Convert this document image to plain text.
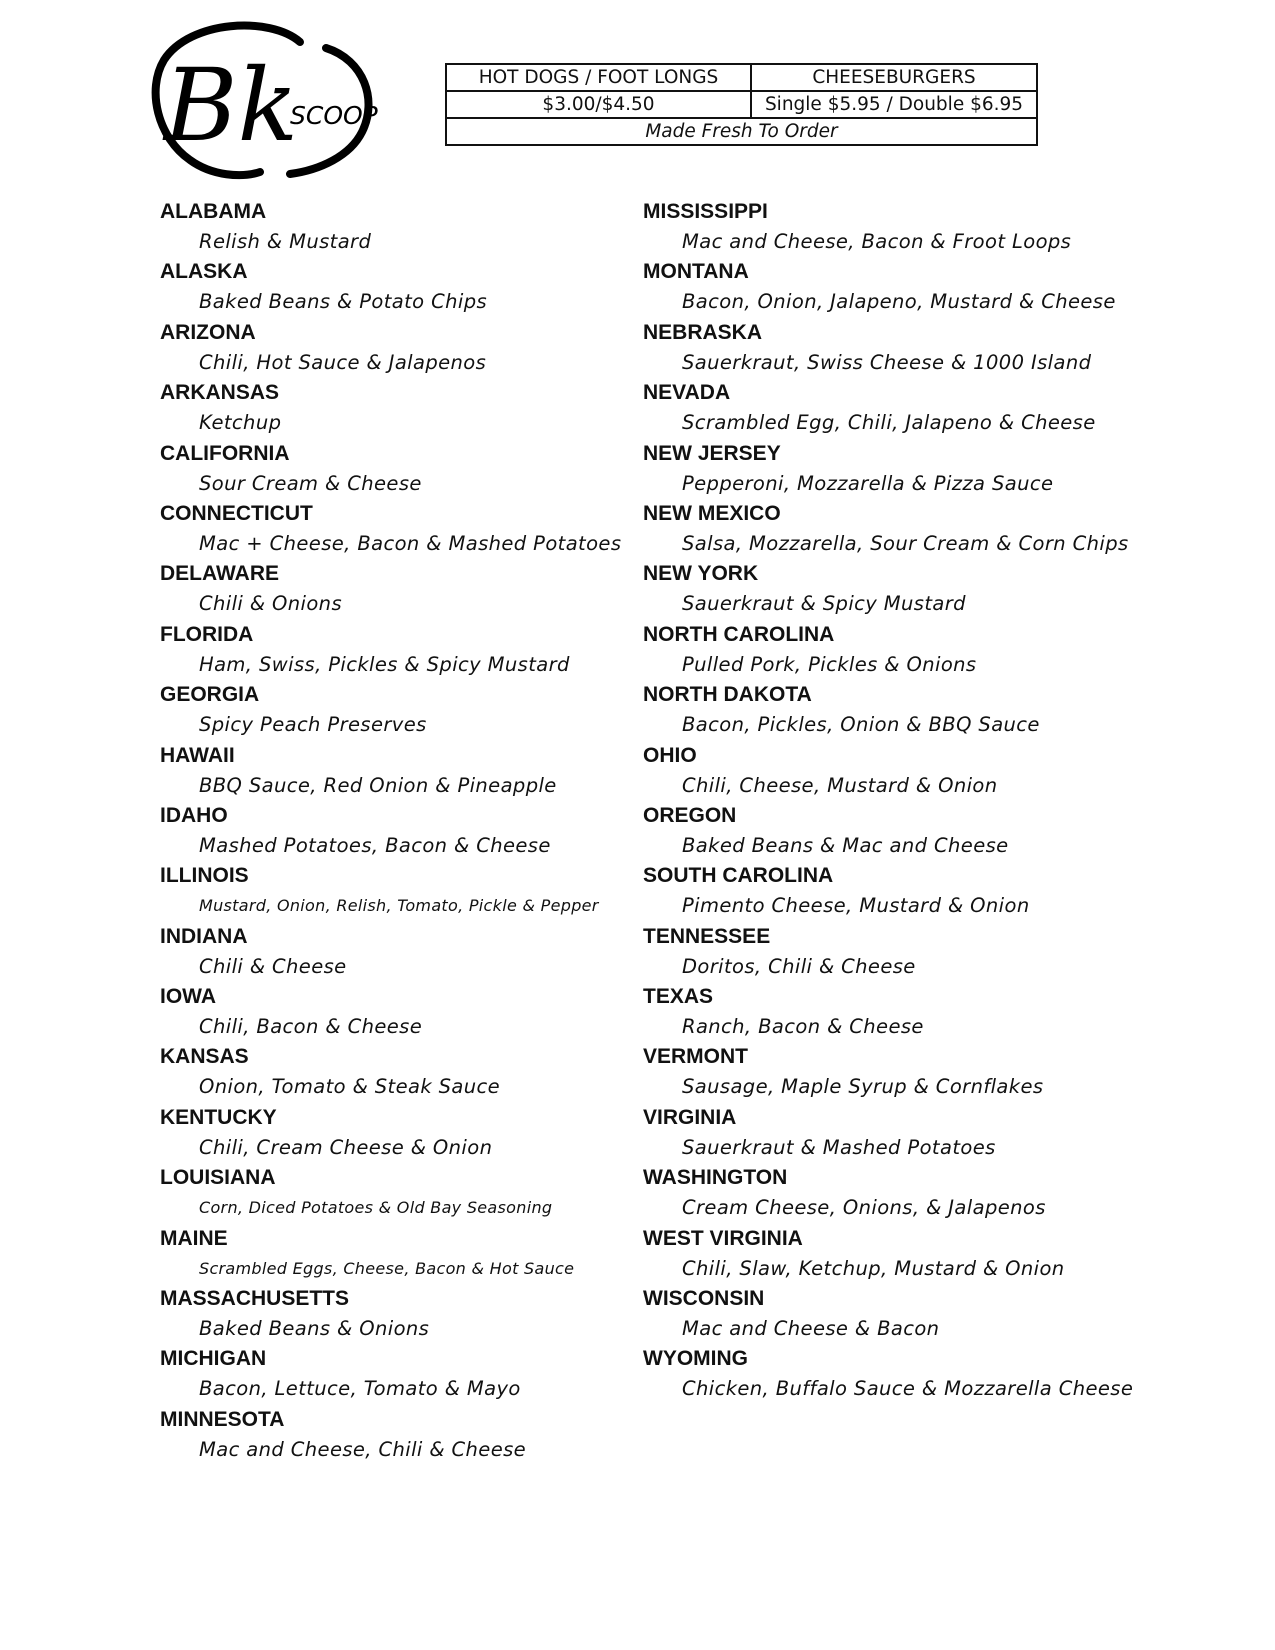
Bk
SCOOP
HOT DOGS / FOOT LONGS	CHEESEBURGERS
$3.00/$4.50	Single $5.95 / Double $6.95
Made Fresh To Order	
ALABAMA
Relish & Mustard
ALASKA
Baked Beans & Potato Chips
ARIZONA
Chili, Hot Sauce & Jalapenos
ARKANSAS
Ketchup
CALIFORNIA
Sour Cream & Cheese
CONNECTICUT
Mac + Cheese, Bacon & Mashed Potatoes
DELAWARE
Chili & Onions
FLORIDA
Ham, Swiss, Pickles & Spicy Mustard
GEORGIA
Spicy Peach Preserves
HAWAII
BBQ Sauce, Red Onion & Pineapple
IDAHO
Mashed Potatoes, Bacon & Cheese
ILLINOIS
Mustard, Onion, Relish, Tomato, Pickle & Pepper
INDIANA
Chili & Cheese
IOWA
Chili, Bacon & Cheese
KANSAS
Onion, Tomato & Steak Sauce
KENTUCKY
Chili, Cream Cheese & Onion
LOUISIANA
Corn, Diced Potatoes & Old Bay Seasoning
MAINE
Scrambled Eggs, Cheese, Bacon & Hot Sauce
MASSACHUSETTS
Baked Beans & Onions
MICHIGAN
Bacon, Lettuce, Tomato & Mayo
MINNESOTA
Mac and Cheese, Chili & Cheese
MISSISSIPPI
Mac and Cheese, Bacon & Froot Loops
MONTANA
Bacon, Onion, Jalapeno, Mustard & Cheese
NEBRASKA
Sauerkraut, Swiss Cheese & 1000 Island
NEVADA
Scrambled Egg, Chili, Jalapeno & Cheese
NEW JERSEY
Pepperoni, Mozzarella & Pizza Sauce
NEW MEXICO
Salsa, Mozzarella, Sour Cream & Corn Chips
NEW YORK
Sauerkraut & Spicy Mustard
NORTH CAROLINA
Pulled Pork, Pickles & Onions
NORTH DAKOTA
Bacon, Pickles, Onion & BBQ Sauce
OHIO
Chili, Cheese, Mustard & Onion
OREGON
Baked Beans & Mac and Cheese
SOUTH CAROLINA
Pimento Cheese, Mustard & Onion
TENNESSEE
Doritos, Chili & Cheese
TEXAS
Ranch, Bacon & Cheese
VERMONT
Sausage, Maple Syrup & Cornflakes
VIRGINIA
Sauerkraut & Mashed Potatoes
WASHINGTON
Cream Cheese, Onions, & Jalapenos
WEST VIRGINIA
Chili, Slaw, Ketchup, Mustard & Onion
WISCONSIN
Mac and Cheese & Bacon
WYOMING
Chicken, Buffalo Sauce & Mozzarella Cheese
